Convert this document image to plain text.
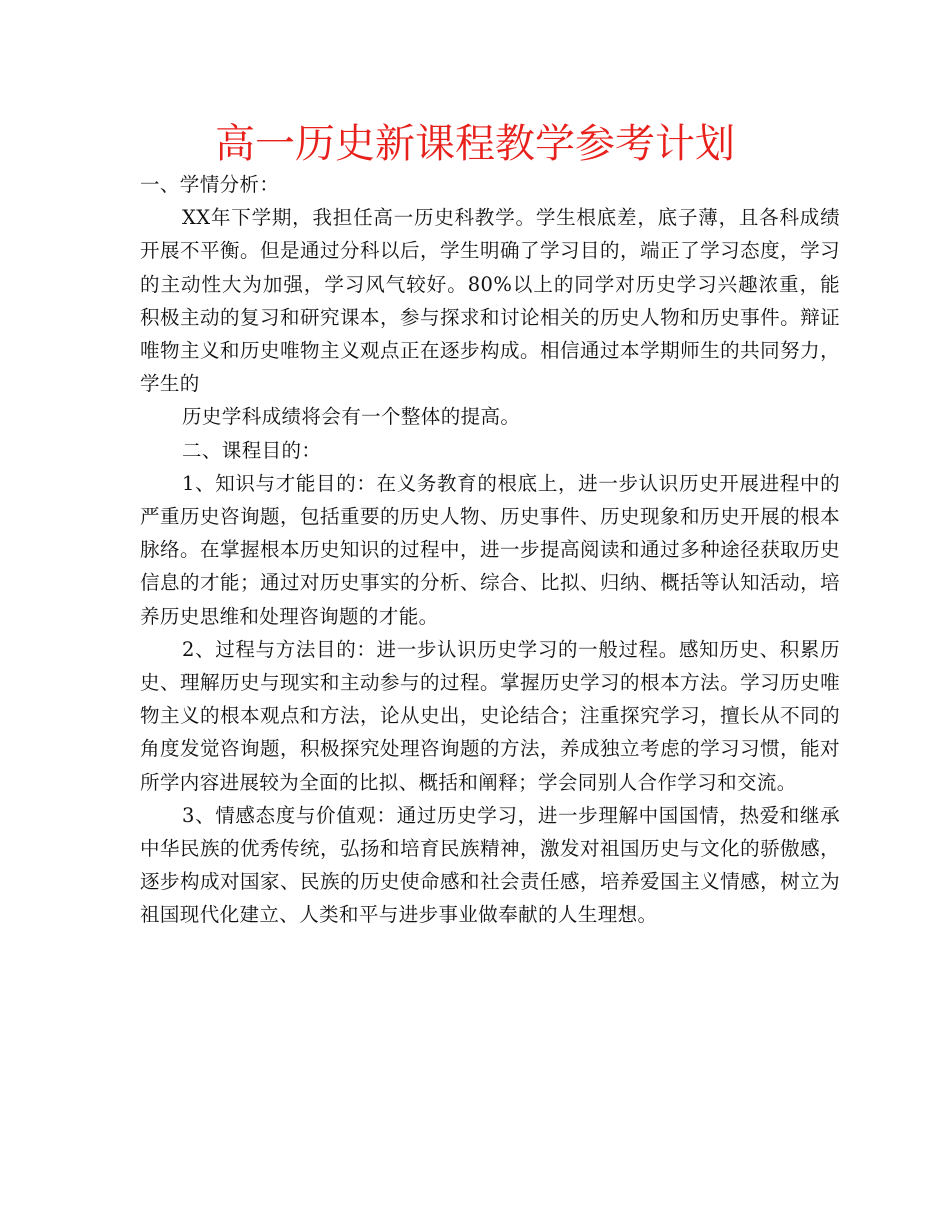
高一历史新课程教学参考计划

一、学情分析：

XX年下学期，我担任高一历史科教学。学生根底差，底子薄，且各科成绩开展不平衡。但是通过分科以后，学生明确了学习目的，端正了学习态度，学习的主动性大为加强，学习风气较好。80%以上的同学对历史学习兴趣浓重，能积极主动的复习和研究课本，参与探求和讨论相关的历史人物和历史事件。辩证唯物主义和历史唯物主义观点正在逐步构成。相信通过本学期师生的共同努力，学生的

历史学科成绩将会有一个整体的提高。

二、课程目的：

1、知识与才能目的：在义务教育的根底上，进一步认识历史开展进程中的严重历史咨询题，包括重要的历史人物、历史事件、历史现象和历史开展的根本脉络。在掌握根本历史知识的过程中，进一步提高阅读和通过多种途径获取历史信息的才能；通过对历史事实的分析、综合、比拟、归纳、概括等认知活动，培养历史思维和处理咨询题的才能。

2、过程与方法目的：进一步认识历史学习的一般过程。感知历史、积累历史、理解历史与现实和主动参与的过程。掌握历史学习的根本方法。学习历史唯物主义的根本观点和方法，论从史出，史论结合；注重探究学习，擅长从不同的角度发觉咨询题，积极探究处理咨询题的方法，养成独立考虑的学习习惯，能对所学内容进展较为全面的比拟、概括和阐释；学会同别人合作学习和交流。

3、情感态度与价值观：通过历史学习，进一步理解中国国情，热爱和继承中华民族的优秀传统，弘扬和培育民族精神，激发对祖国历史与文化的骄傲感，逐步构成对国家、民族的历史使命感和社会责任感，培养爱国主义情感，树立为祖国现代化建立、人类和平与进步事业做奉献的人生理想。
